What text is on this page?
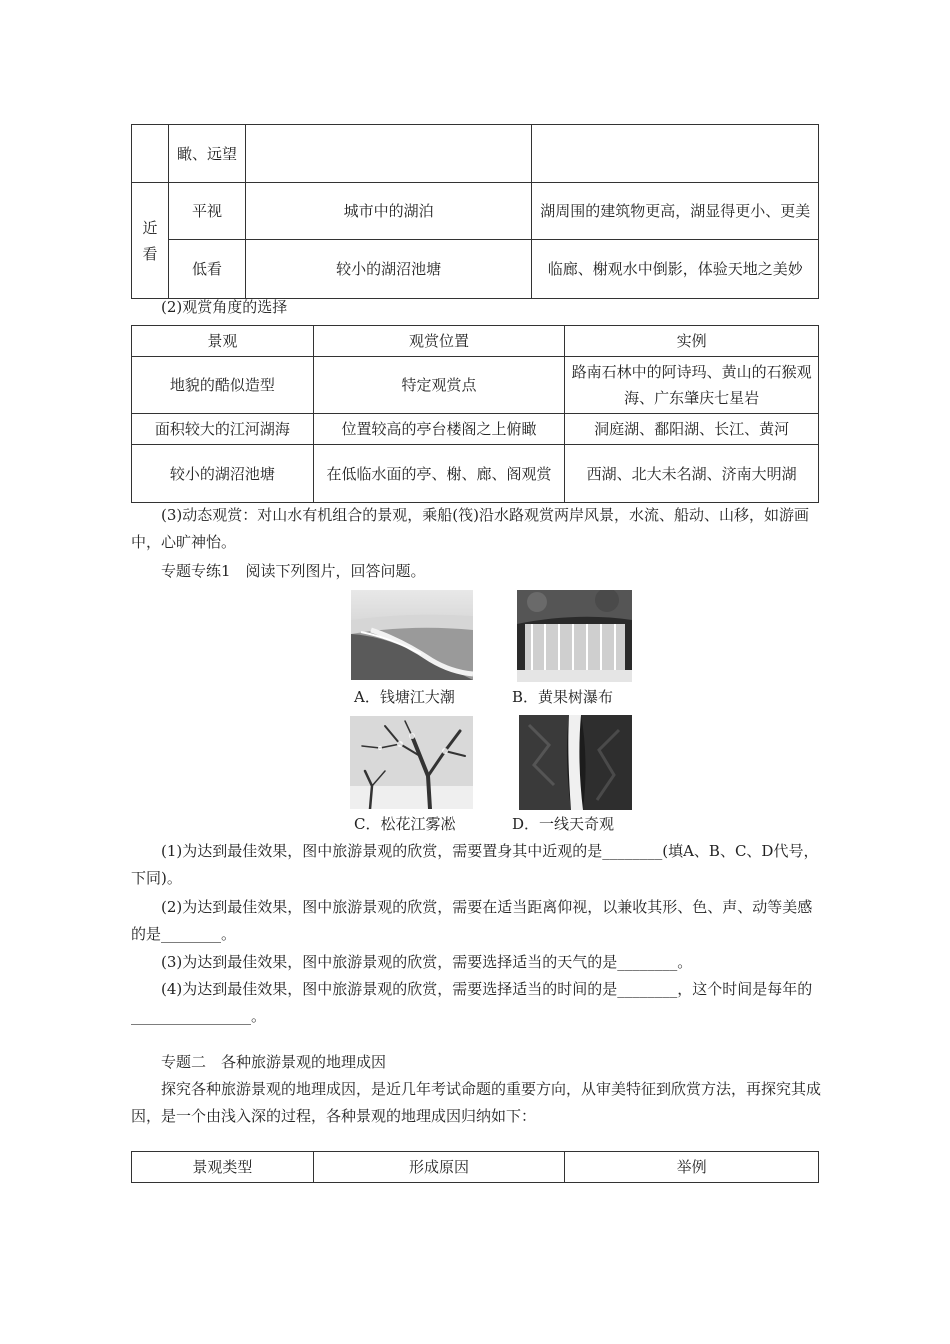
	瞰、远望		
近看	平视	城市中的湖泊	湖周围的建筑物更高，湖显得更小、更美
	低看	较小的湖沼池塘	临廊、榭观水中倒影，体验天地之美妙
(2)观赏角度的选择
景观	观赏位置	实例
地貌的酷似造型	特定观赏点	路南石林中的阿诗玛、黄山的石猴观海、广东肇庆七星岩
面积较大的江河湖海	位置较高的亭台楼阁之上俯瞰	洞庭湖、鄱阳湖、长江、黄河
较小的湖沼池塘	在低临水面的亭、榭、廊、阁观赏	西湖、北大未名湖、济南大明湖
(3)动态观赏：对山水有机组合的景观，乘船(筏)沿水路观赏两岸风景，水流、船动、山移，如游画中，心旷神怡。
专题专练1　阅读下列图片，回答问题。
A．钱塘江大潮	B．黄果树瀑布
C．松花江雾凇	D．一线天奇观
(1)为达到最佳效果，图中旅游景观的欣赏，需要置身其中近观的是________(填A、B、C、D代号，下同)。
(2)为达到最佳效果，图中旅游景观的欣赏，需要在适当距离仰视，以兼收其形、色、声、动等美感的是________。
(3)为达到最佳效果，图中旅游景观的欣赏，需要选择适当的天气的是________。
(4)为达到最佳效果，图中旅游景观的欣赏，需要选择适当的时间的是________，这个时间是每年的________________。
专题二　各种旅游景观的地理成因
探究各种旅游景观的地理成因，是近几年考试命题的重要方向，从审美特征到欣赏方法，再探究其成因，是一个由浅入深的过程，各种景观的地理成因归纳如下：
景观类型	形成原因	举例
